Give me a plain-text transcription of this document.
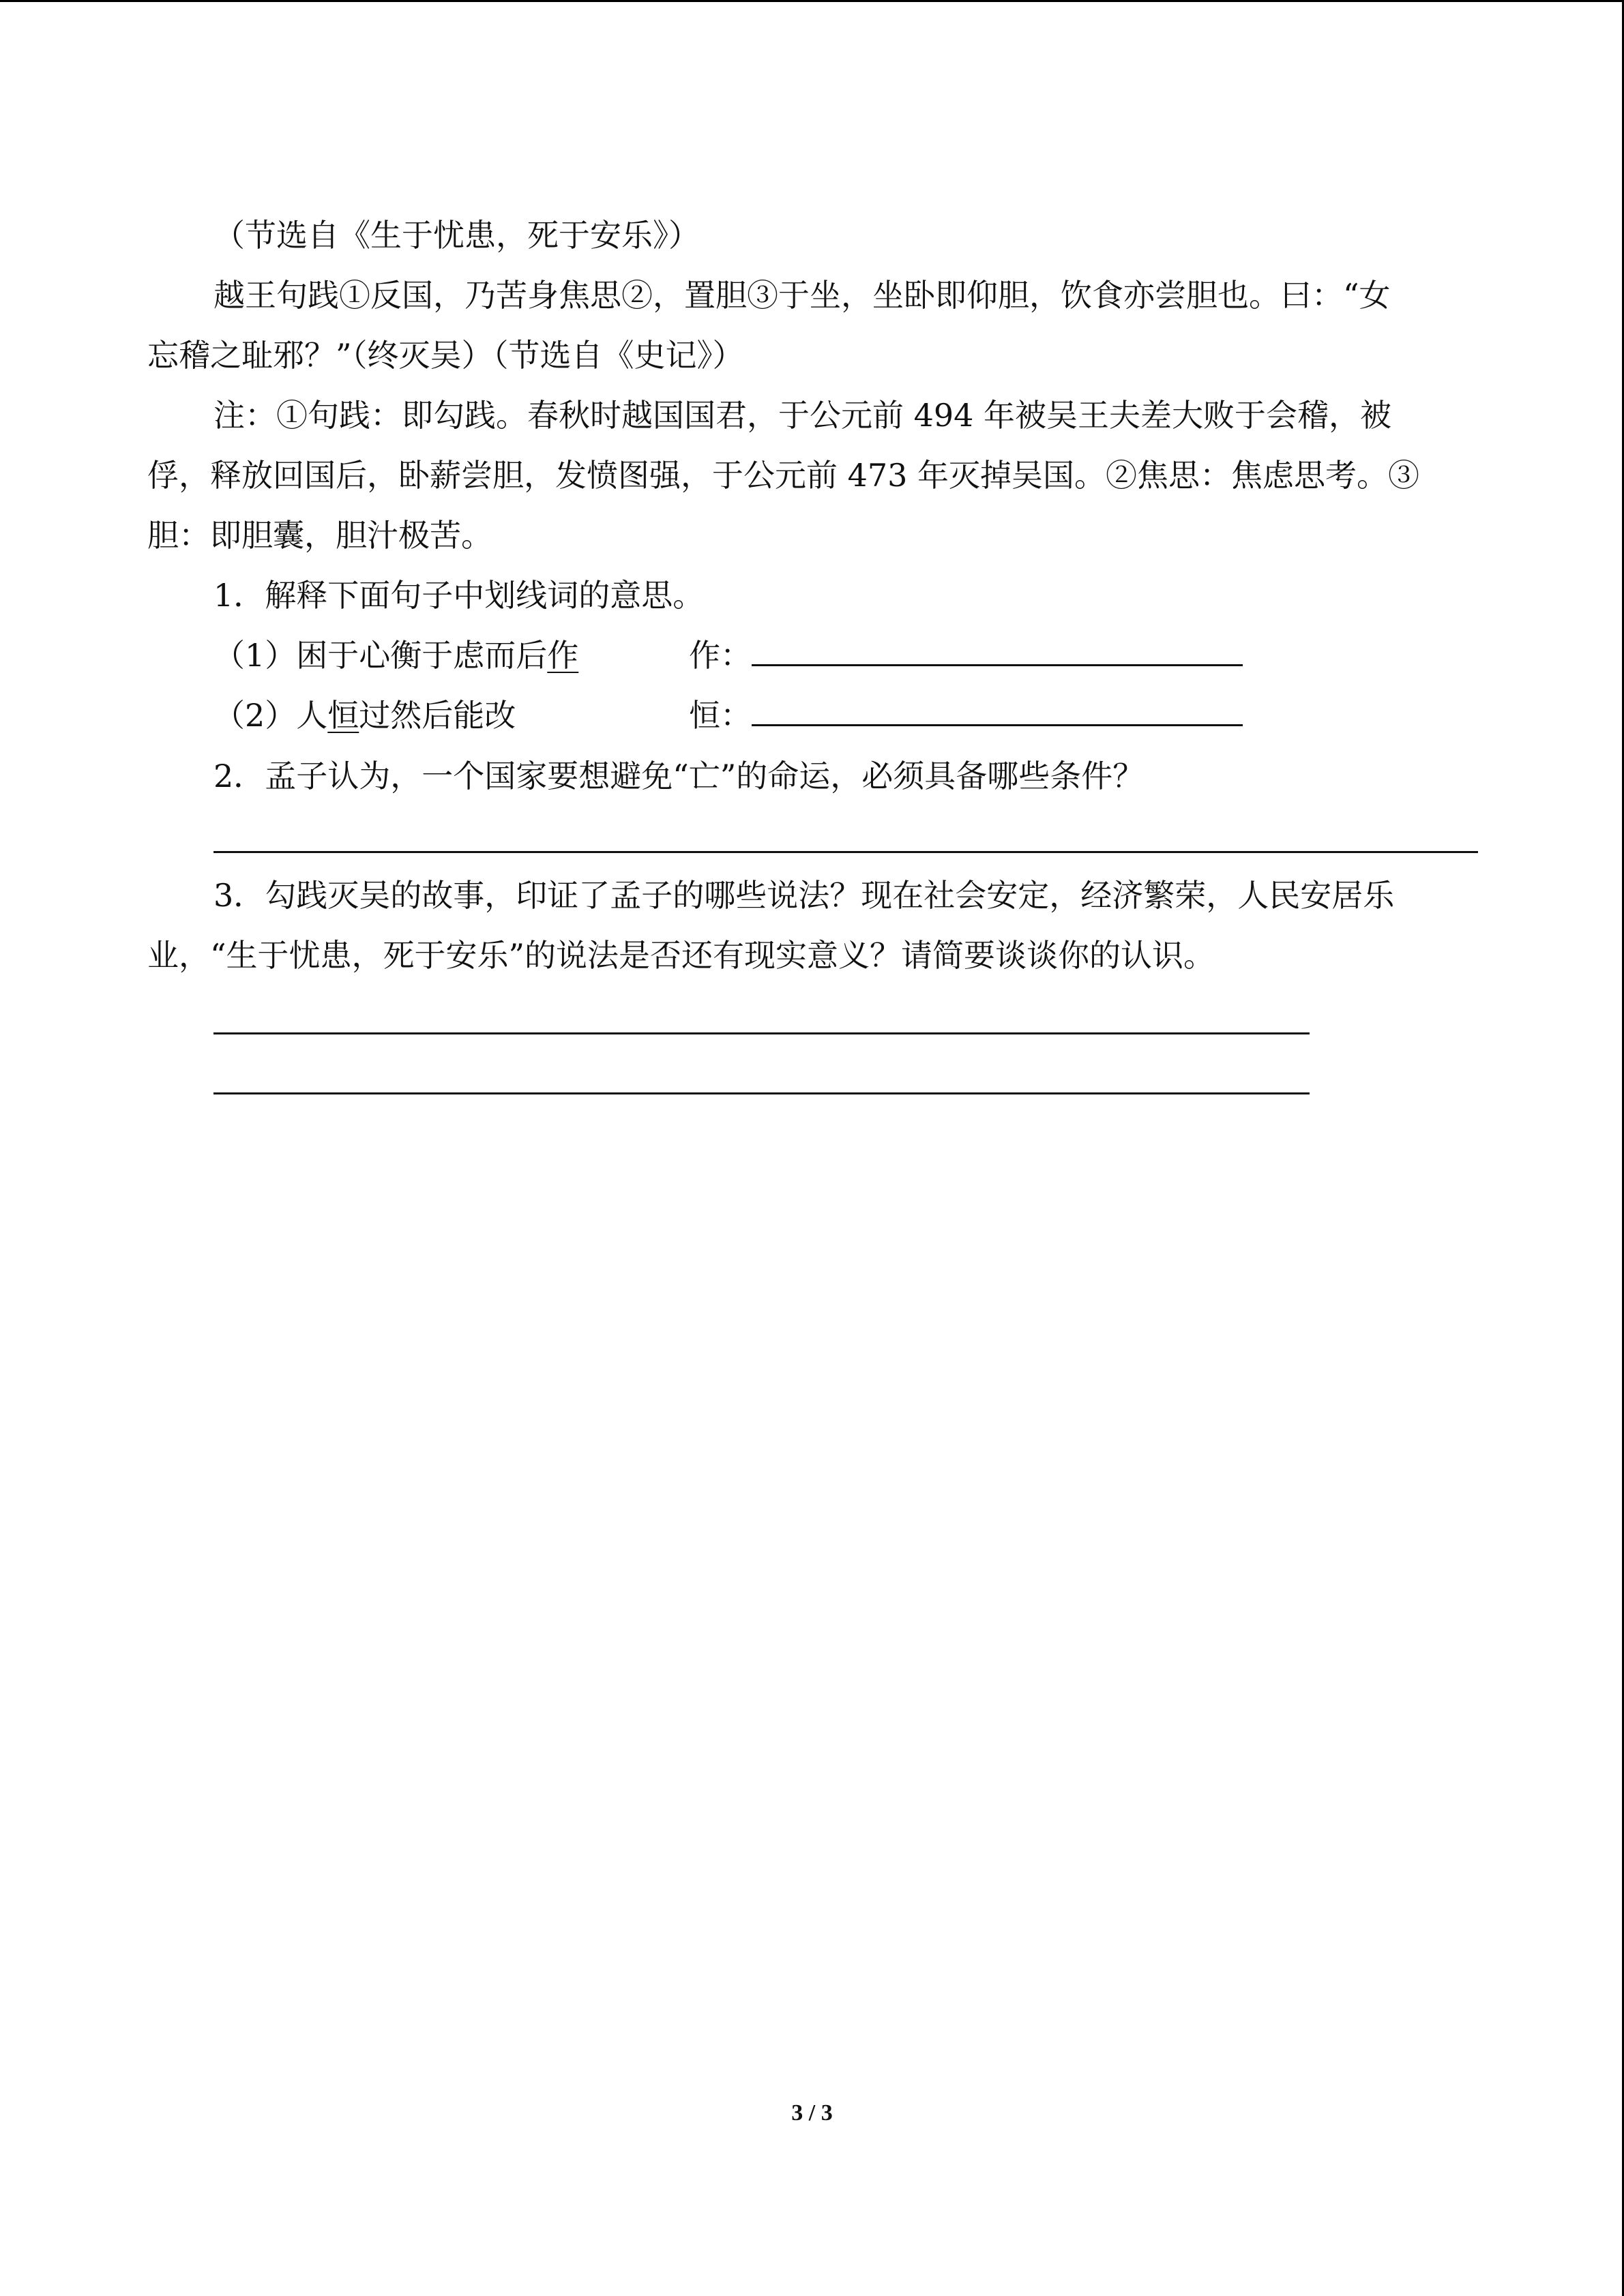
（节选自《生于忧患，死于安乐》）
越王句践①反国，乃苦身焦思②，置胆③于坐，坐卧即仰胆，饮食亦尝胆也。曰：“女
忘稽之耻邪？”（终灭吴）（节选自《史记》）
注：①句践：即勾践。春秋时越国国君，于公元前 494 年被吴王夫差大败于会稽，被
俘，释放回国后，卧薪尝胆，发愤图强，于公元前 473 年灭掉吴国。②焦思：焦虑思考。③
胆：即胆囊，胆汁极苦。
1．解释下面句子中划线词的意思。
（1）困于心衡于虑而后作	作：
（2）人恒过然后能改	恒：
2．孟子认为，一个国家要想避免“亡”的命运，必须具备哪些条件？
3．勾践灭吴的故事，印证了孟子的哪些说法？现在社会安定，经济繁荣，人民安居乐
业，“生于忧患，死于安乐”的说法是否还有现实意义？请简要谈谈你的认识。
3 / 3
